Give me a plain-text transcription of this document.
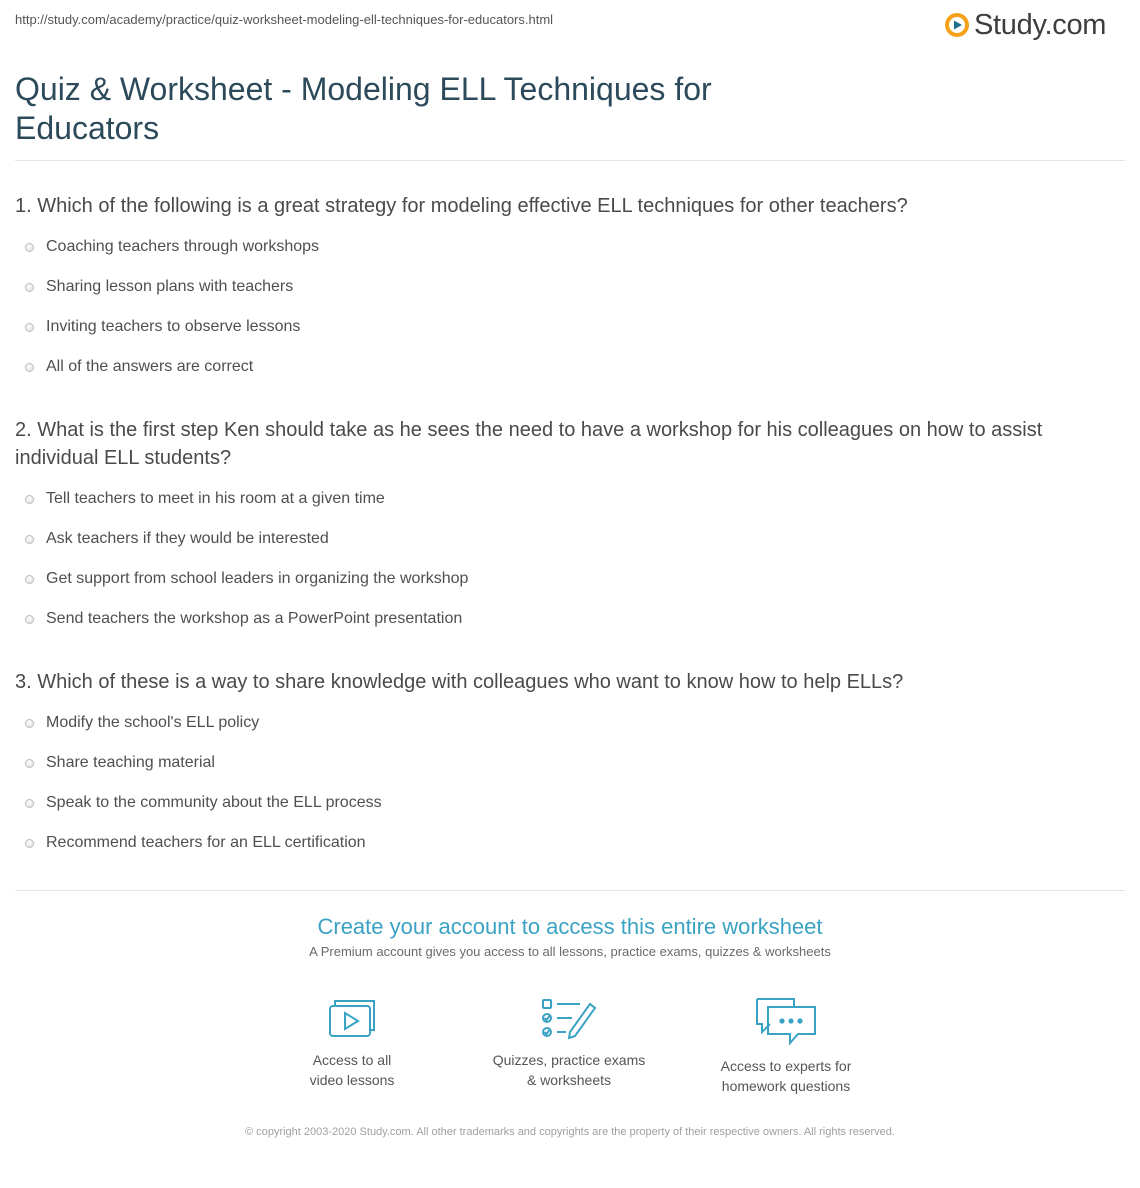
http://study.com/academy/practice/quiz-worksheet-modeling-ell-techniques-for-educators.html	Study.com
Quiz & Worksheet - Modeling ELL Techniques for Educators
1. Which of the following is a great strategy for modeling effective ELL techniques for other teachers?
Coaching teachers through workshops
Sharing lesson plans with teachers
Inviting teachers to observe lessons
All of the answers are correct
2. What is the first step Ken should take as he sees the need to have a workshop for his colleagues on how to assist individual ELL students?
Tell teachers to meet in his room at a given time
Ask teachers if they would be interested
Get support from school leaders in organizing the workshop
Send teachers the workshop as a PowerPoint presentation
3. Which of these is a way to share knowledge with colleagues who want to know how to help ELLs?
Modify the school's ELL policy
Share teaching material
Speak to the community about the ELL process
Recommend teachers for an ELL certification
Create your account to access this entire worksheet
A Premium account gives you access to all lessons, practice exams, quizzes & worksheets
Access to all
video lessons
Quizzes, practice exams
& worksheets
Access to experts for
homework questions
© copyright 2003-2020 Study.com. All other trademarks and copyrights are the property of their respective owners. All rights reserved.
